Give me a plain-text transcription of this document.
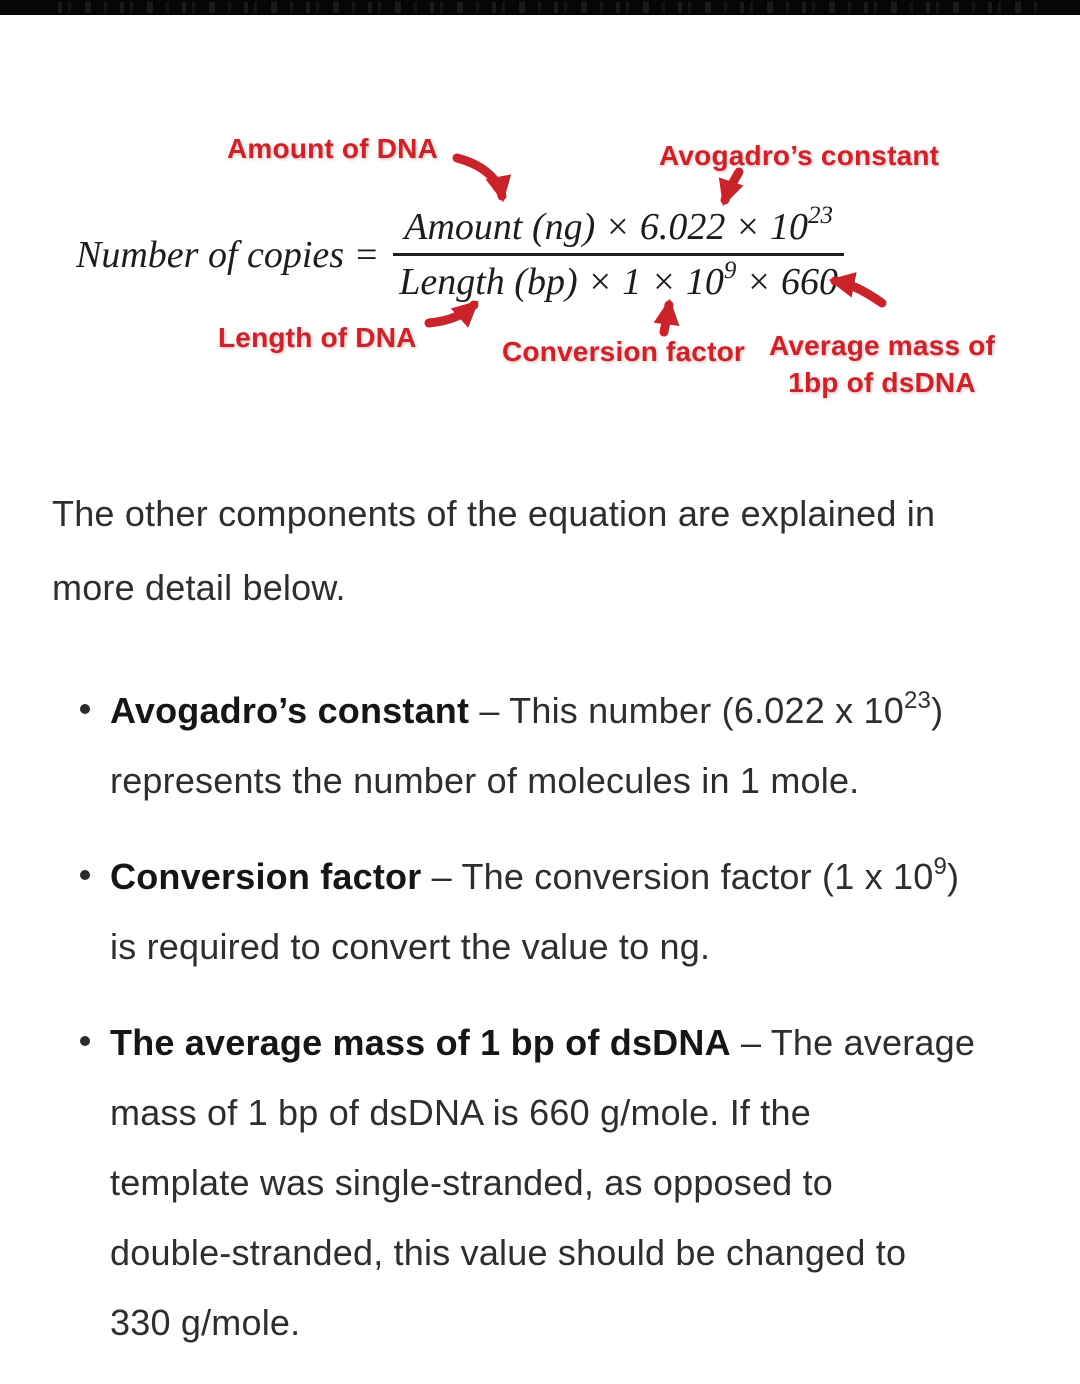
Amount of DNA	Avogadro’s constant
Number of copies = $\frac{Amount (ng) \times 6.022 \times 10^{23}}{Length (bp) \times 1 \times 10^9 \times 660}$
Length of DNA	Conversion factor Average mass of
1bp of dsDNA
The other components of the equation are explained in
more detail below.
Avogadro’s constant – This number (6.022 x $10^{23}$)
represents the number of molecules in 1 mole.
Conversion factor – The conversion factor (1 x $10^9$)
is required to convert the value to ng.
The average mass of 1 bp of dsDNA – The average
mass of 1 bp of dsDNA is 660 g/mole. If the
template was single-stranded, as opposed to
double-stranded, this value should be changed to
330 g/mole.
